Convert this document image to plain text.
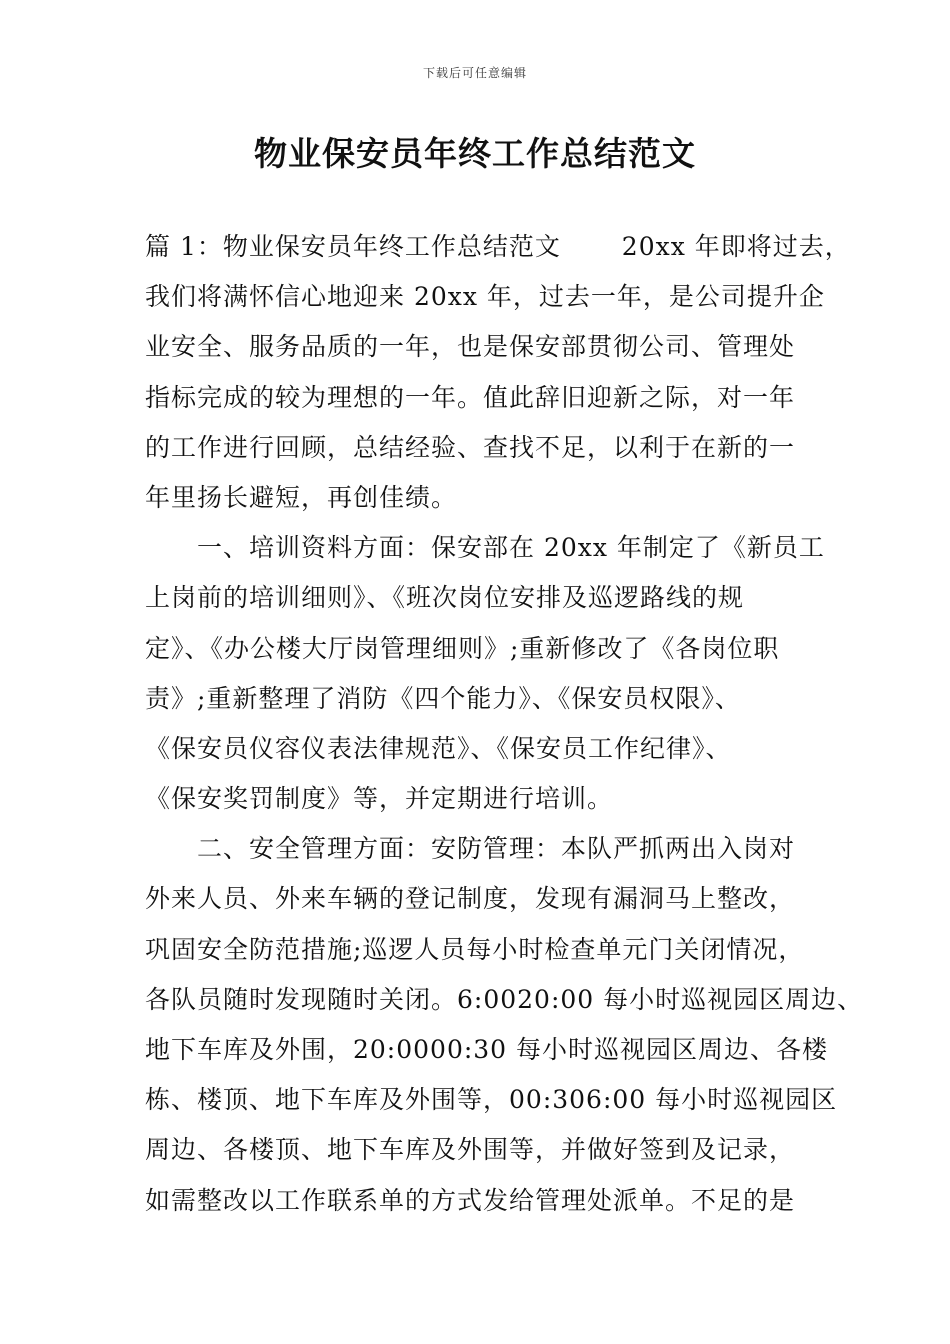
下载后可任意编辑
物业保安员年终工作总结范文
篇 1：物业保安员年终工作总结范文　　 20xx 年即将过去，
我们将满怀信心地迎来 20xx 年，过去一年，是公司提升企
业安全、服务品质的一年，也是保安部贯彻公司、管理处
指标完成的较为理想的一年。值此辞旧迎新之际，对一年
的工作进行回顾，总结经验、查找不足，以利于在新的一
年里扬长避短，再创佳绩。
　　一、培训资料方面：保安部在 20xx 年制定了《新员工
上岗前的培训细则》、《班次岗位安排及巡逻路线的规
定》、《办公楼大厅岗管理细则》;重新修改了《各岗位职
责》;重新整理了消防《四个能力》、《保安员权限》、
《保安员仪容仪表法律规范》、《保安员工作纪律》、
《保安奖罚制度》等，并定期进行培训。
　　二、安全管理方面：安防管理：本队严抓两出入岗对
外来人员、外来车辆的登记制度，发现有漏洞马上整改，
巩固安全防范措施;巡逻人员每小时检查单元门关闭情况，
各队员随时发现随时关闭。6:0020:00 每小时巡视园区周边、
地下车库及外围，20:0000:30 每小时巡视园区周边、各楼
栋、楼顶、地下车库及外围等，00:306:00 每小时巡视园区
周边、各楼顶、地下车库及外围等，并做好签到及记录，
如需整改以工作联系单的方式发给管理处派单。不足的是
